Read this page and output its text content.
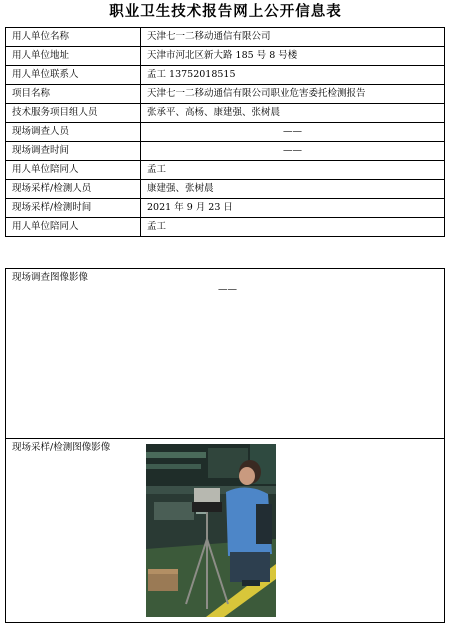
职业卫生技术报告网上公开信息表
用人单位名称	天津七一二移动通信有限公司
用人单位地址	天津市河北区新大路 185 号 8 号楼
用人单位联系人	孟工 13752018515
项目名称	天津七一二移动通信有限公司职业危害委托检测报告
技术服务项目组人员	张承平、高杨、康建强、张树晨
现场调查人员	——
现场调查时间	——
用人单位陪同人	孟工
现场采样/检测人员	康建强、张树晨
现场采样/检测时间	2021 年 9 月 23 日
用人单位陪同人	孟工
现场调查图像影像
——
现场采样/检测图像影像
